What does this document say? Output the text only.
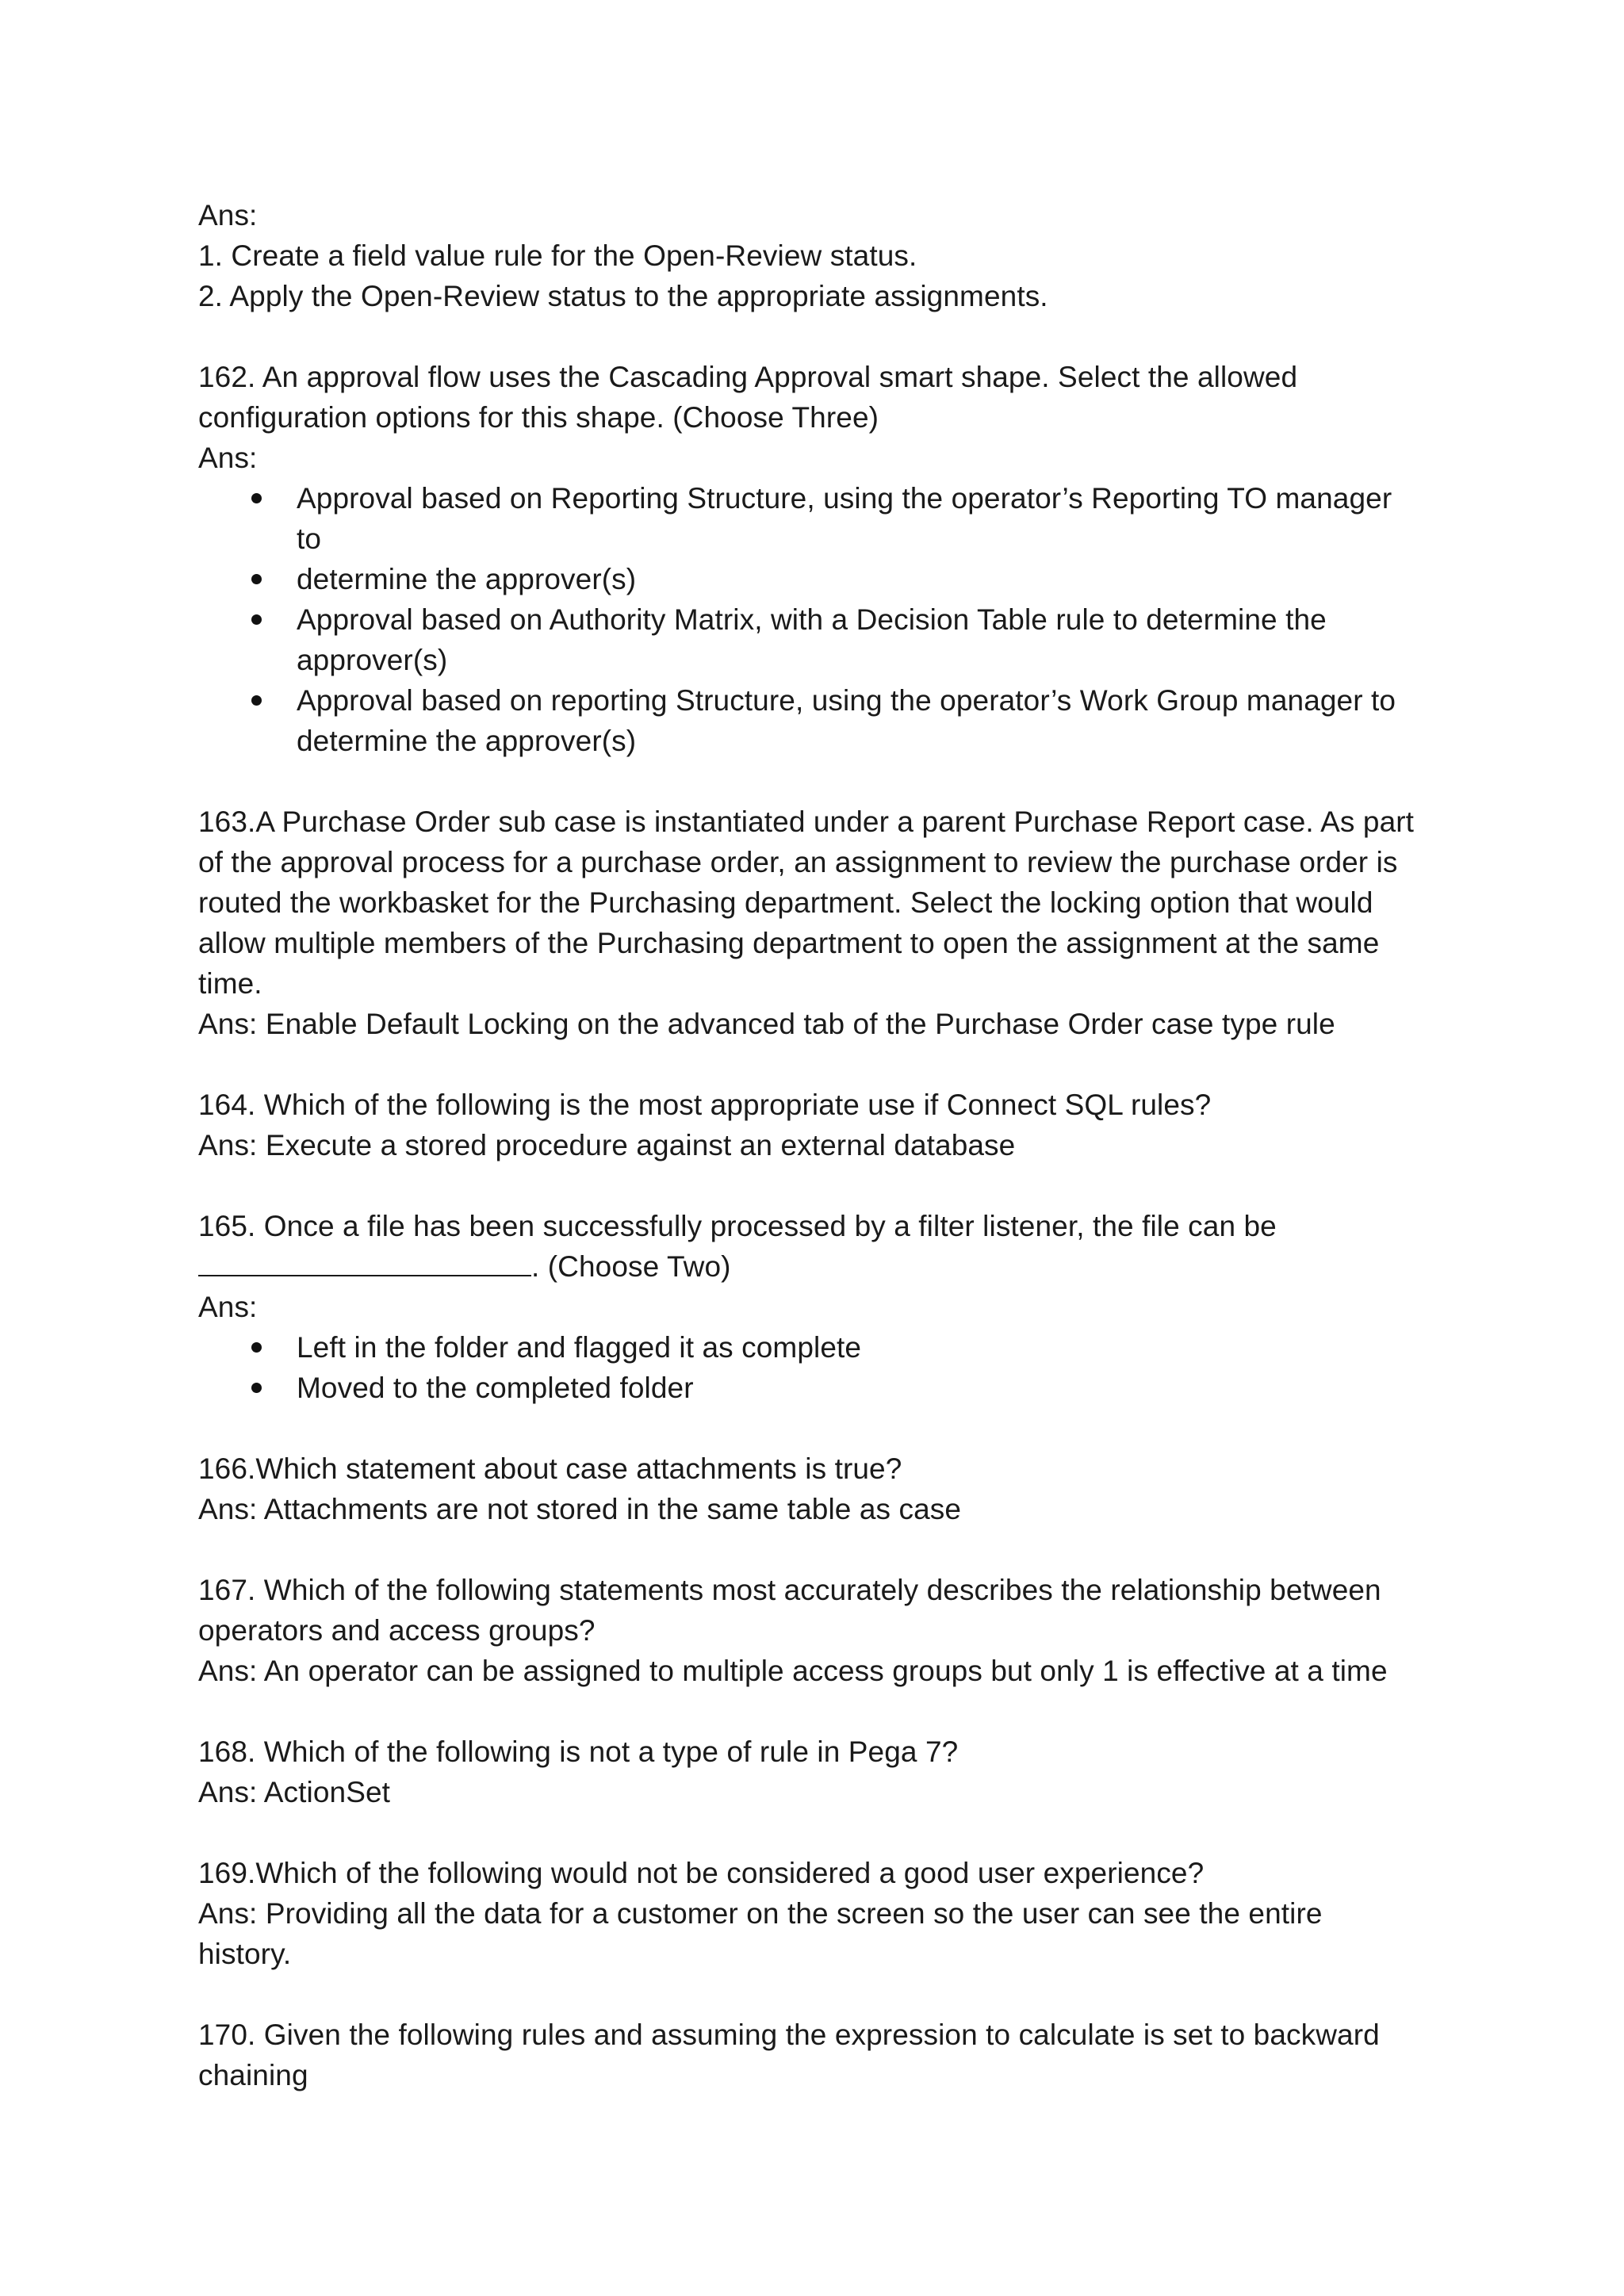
Ans:
1. Create a field value rule for the Open-Review status.
2. Apply the Open-Review status to the appropriate assignments.
162. An approval flow uses the Cascading Approval smart shape. Select the allowed
configuration options for this shape. (Choose Three)
Ans:
Approval based on Reporting Structure, using the operator’s Reporting TO manager
to
determine the approver(s)
Approval based on Authority Matrix, with a Decision Table rule to determine the
approver(s)
Approval based on reporting Structure, using the operator’s Work Group manager to
determine the approver(s)
163.A Purchase Order sub case is instantiated under a parent Purchase Report case. As part
of the approval process for a purchase order, an assignment to review the purchase order is
routed the workbasket for the Purchasing department. Select the locking option that would
allow multiple members of the Purchasing department to open the assignment at the same
time.
Ans: Enable Default Locking on the advanced tab of the Purchase Order case type rule
164. Which of the following is the most appropriate use if Connect SQL rules?
Ans: Execute a stored procedure against an external database
165. Once a file has been successfully processed by a filter listener, the file can be
. (Choose Two)
Ans:
Left in the folder and flagged it as complete
Moved to the completed folder
166.Which statement about case attachments is true?
Ans: Attachments are not stored in the same table as case
167. Which of the following statements most accurately describes the relationship between
operators and access groups?
Ans: An operator can be assigned to multiple access groups but only 1 is effective at a time
168. Which of the following is not a type of rule in Pega 7?
Ans: ActionSet
169.Which of the following would not be considered a good user experience?
Ans: Providing all the data for a customer on the screen so the user can see the entire
history.
170. Given the following rules and assuming the expression to calculate is set to backward
chaining
